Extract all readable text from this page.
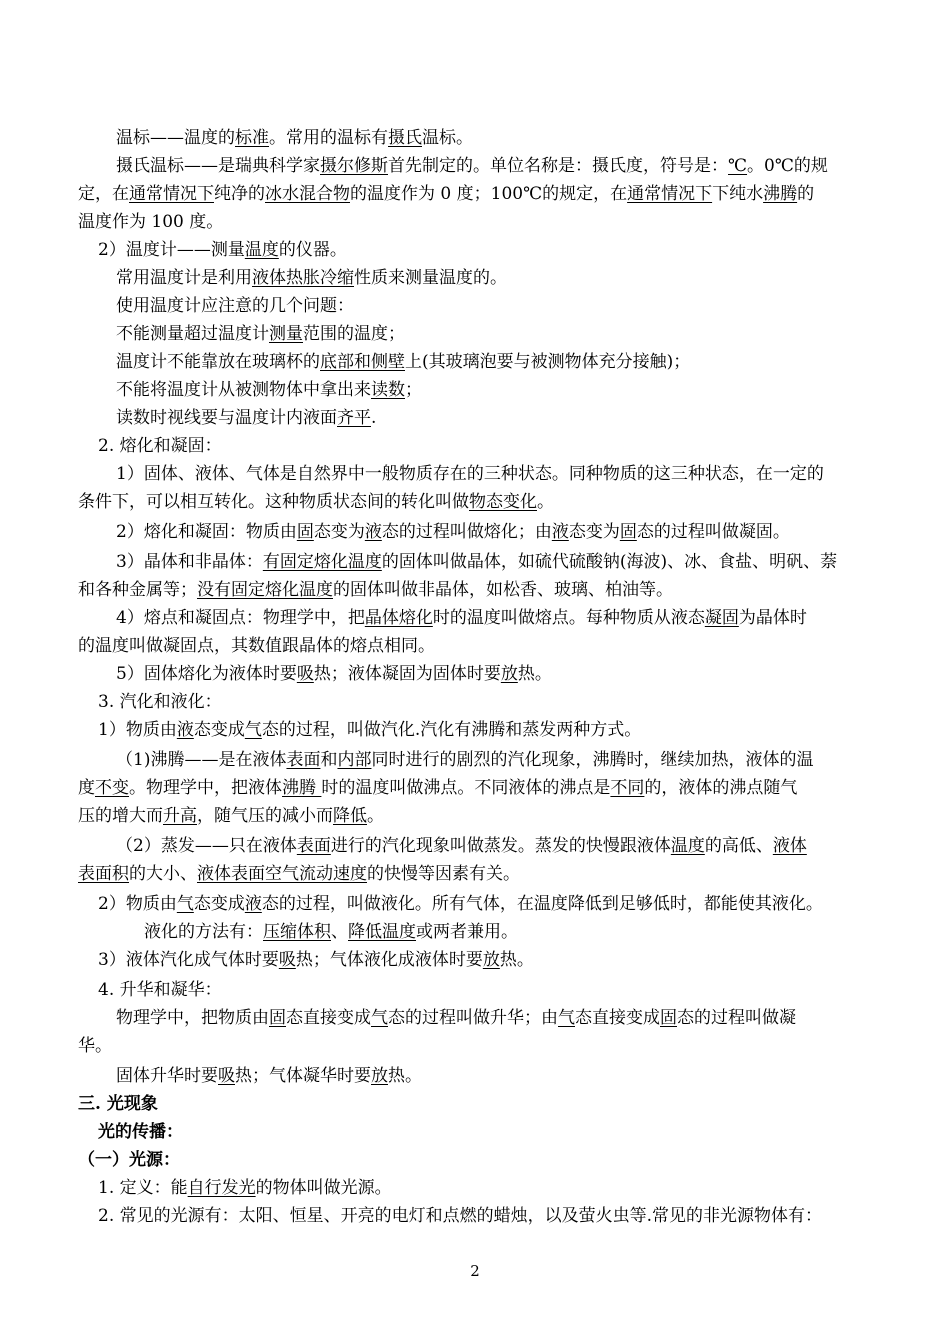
2
温标——温度的标准。常用的温标有摄氏温标。
摄氏温标——是瑞典科学家摄尔修斯首先制定的。单位名称是：摄氏度，符号是：℃。0℃的规
定，在通常情况下纯净的冰水混合物的温度作为 0 度；100℃的规定，在通常情况下下纯水沸腾的
温度作为 100 度。
2）温度计——测量温度的仪器。
常用温度计是利用液体热胀冷缩性质来测量温度的。
使用温度计应注意的几个问题：
不能测量超过温度计测量范围的温度；
温度计不能靠放在玻璃杯的底部和侧壁上(其玻璃泡要与被测物体充分接触)；
不能将温度计从被测物体中拿出来读数；
读数时视线要与温度计内液面齐平.
2. 熔化和凝固：
1）固体、液体、气体是自然界中一般物质存在的三种状态。同种物质的这三种状态，在一定的
条件下，可以相互转化。这种物质状态间的转化叫做物态变化。
2）熔化和凝固：物质由固态变为液态的过程叫做熔化；由液态变为固态的过程叫做凝固。
3）晶体和非晶体：有固定熔化温度的固体叫做晶体，如硫代硫酸钠(海波)、冰、食盐、明矾、萘
和各种金属等；没有固定熔化温度的固体叫做非晶体，如松香、玻璃、柏油等。
4）熔点和凝固点：物理学中，把晶体熔化时的温度叫做熔点。每种物质从液态凝固为晶体时
的温度叫做凝固点，其数值跟晶体的熔点相同。
5）固体熔化为液体时要吸热；液体凝固为固体时要放热。
3. 汽化和液化：
1）物质由液态变成气态的过程，叫做汽化.汽化有沸腾和蒸发两种方式。
（1)沸腾——是在液体表面和内部同时进行的剧烈的汽化现象，沸腾时，继续加热，液体的温
度不变。物理学中，把液体沸腾 时的温度叫做沸点。不同液体的沸点是不同的，液体的沸点随气
压的增大而升高，随气压的减小而降低。
（2）蒸发——只在液体表面进行的汽化现象叫做蒸发。蒸发的快慢跟液体温度的高低、液体
表面积的大小、液体表面空气流动速度的快慢等因素有关。
2）物质由气态变成液态的过程，叫做液化。所有气体，在温度降低到足够低时，都能使其液化。
液化的方法有：压缩体积、降低温度或两者兼用。
3）液体汽化成气体时要吸热；气体液化成液体时要放热。
4. 升华和凝华：
物理学中，把物质由固态直接变成气态的过程叫做升华；由气态直接变成固态的过程叫做凝
华。
固体升华时要吸热；气体凝华时要放热。
三. 光现象
光的传播：
（一）光源：
1. 定义：能自行发光的物体叫做光源。
2. 常见的光源有：太阳、恒星、开亮的电灯和点燃的蜡烛，以及萤火虫等.常见的非光源物体有：
